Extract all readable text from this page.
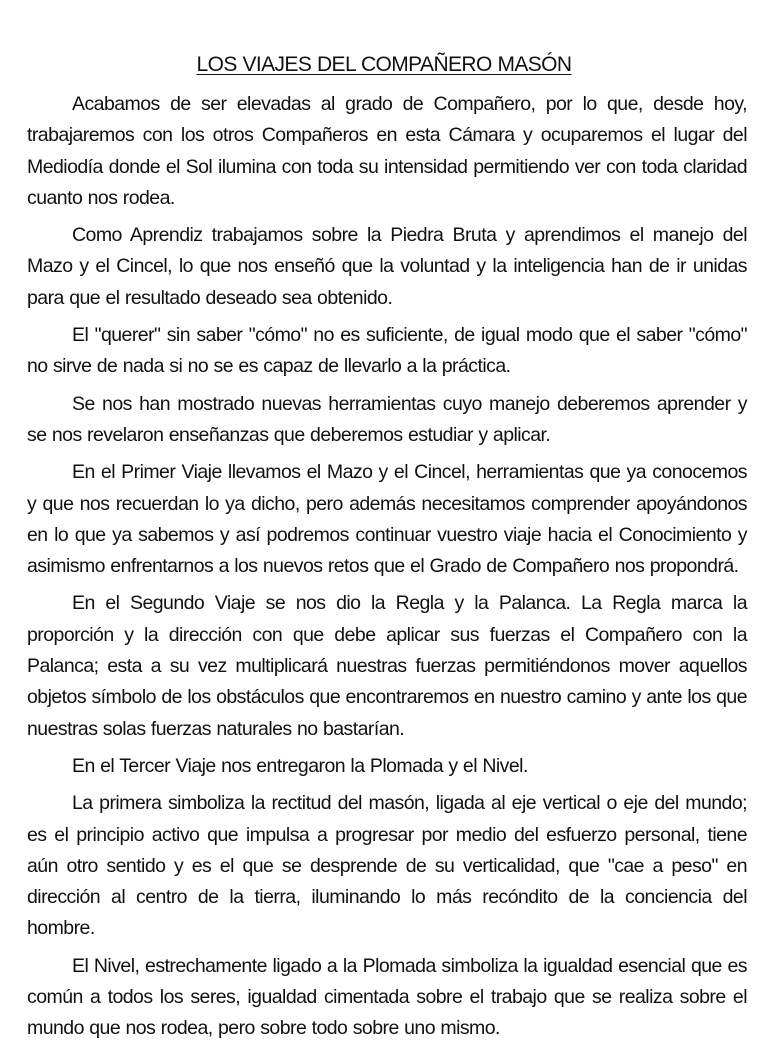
LOS VIAJES DEL COMPAÑERO MASÓN

Acabamos de ser elevadas al grado de Compañero, por lo que, desde hoy, trabajaremos con los otros Compañeros en esta Cámara y ocuparemos el lugar del Mediodía donde el Sol ilumina con toda su intensidad permitiendo ver con toda claridad cuanto nos rodea.

Como Aprendiz trabajamos sobre la Piedra Bruta y aprendimos el manejo del Mazo y el Cincel, lo que nos enseñó que la voluntad y la inteligencia han de ir unidas para que el resultado deseado sea obtenido.

El "querer" sin saber "cómo" no es suficiente, de igual modo que el saber "cómo" no sirve de nada si no se es capaz de llevarlo a la práctica.

Se nos han mostrado nuevas herramientas cuyo manejo deberemos aprender y se nos revelaron enseñanzas que deberemos estudiar y aplicar.

En el Primer Viaje llevamos el Mazo y el Cincel, herramientas que ya conocemos y que nos recuerdan lo ya dicho, pero además necesitamos comprender apoyándonos en lo que ya sabemos y así podremos continuar vuestro viaje hacia el Conocimiento y asimismo enfrentarnos a los nuevos retos que el Grado de Compañero nos propondrá.

En el Segundo Viaje se nos dio la Regla y la Palanca. La Regla marca la proporción y la dirección con que debe aplicar sus fuerzas el Compañero con la Palanca; esta a su vez multiplicará nuestras fuerzas permitiéndonos mover aquellos objetos símbolo de los obstáculos que encontraremos en nuestro camino y ante los que nuestras solas fuerzas naturales no bastarían.

En el Tercer Viaje nos entregaron la Plomada y el Nivel.

La primera simboliza la rectitud del masón, ligada al eje vertical o eje del mundo; es el principio activo que impulsa a progresar por medio del esfuerzo personal, tiene aún otro sentido y es el que se desprende de su verticalidad, que "cae a peso" en dirección al centro de la tierra, iluminando lo más recóndito de la conciencia del hombre.

El Nivel, estrechamente ligado a la Plomada simboliza la igualdad esencial que es común a todos los seres, igualdad cimentada sobre el trabajo que se realiza sobre el mundo que nos rodea, pero sobre todo sobre uno mismo.
